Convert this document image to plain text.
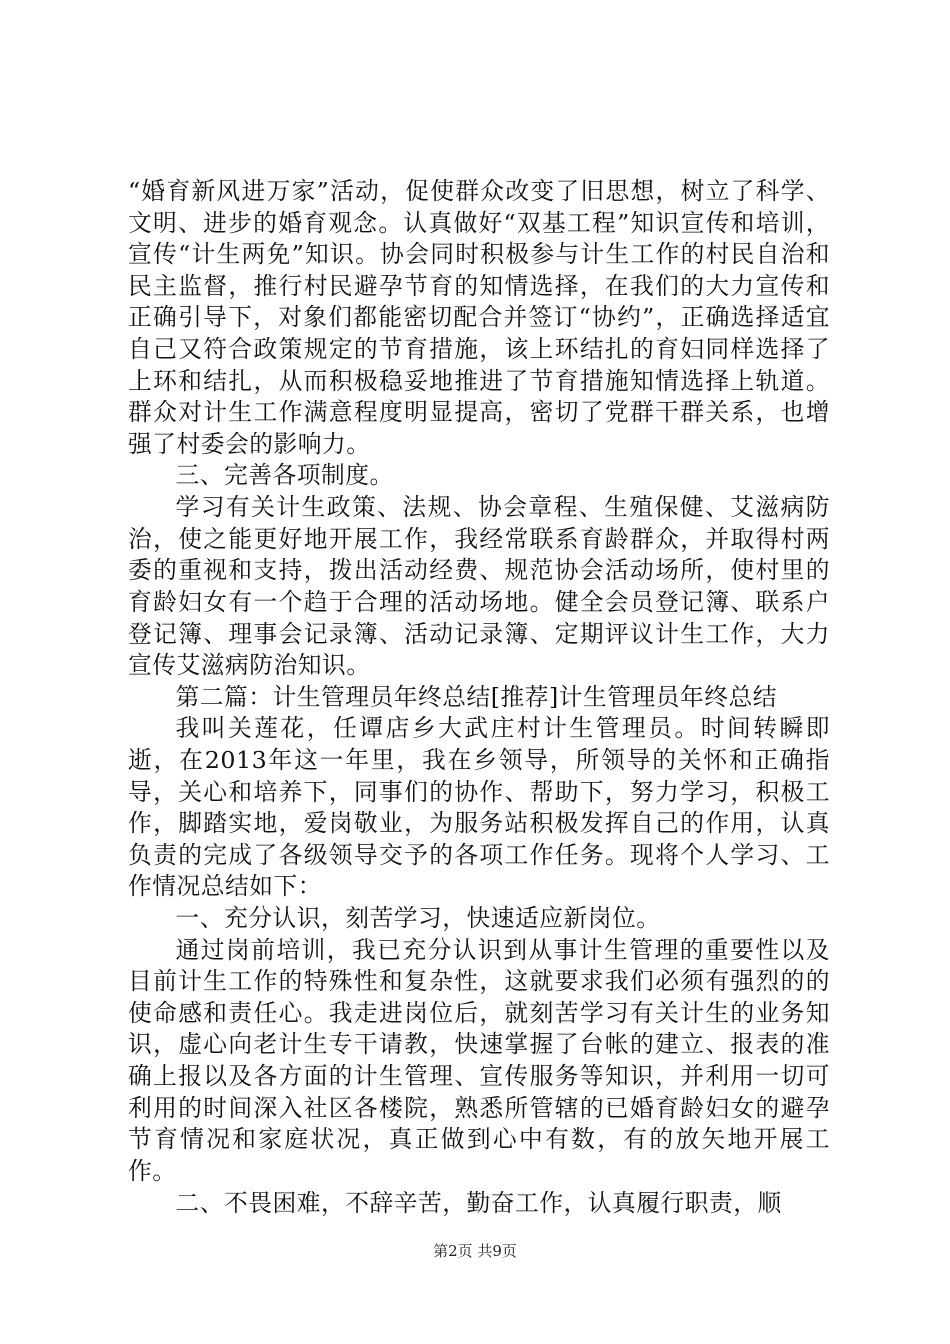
“婚育新风进万家”活动，促使群众改变了旧思想，树立了科学、文明、进步的婚育观念。认真做好“双基工程”知识宣传和培训，宣传“计生两免”知识。协会同时积极参与计生工作的村民自治和民主监督，推行村民避孕节育的知情选择，在我们的大力宣传和正确引导下，对象们都能密切配合并签订“协约”，正确选择适宜自己又符合政策规定的节育措施，该上环结扎的育妇同样选择了上环和结扎，从而积极稳妥地推进了节育措施知情选择上轨道。群众对计生工作满意程度明显提高，密切了党群干群关系，也增强了村委会的影响力。

三、完善各项制度。

学习有关计生政策、法规、协会章程、生殖保健、艾滋病防治，使之能更好地开展工作，我经常联系育龄群众，并取得村两委的重视和支持，拨出活动经费、规范协会活动场所，使村里的育龄妇女有一个趋于合理的活动场地。健全会员登记簿、联系户登记簿、理事会记录簿、活动记录簿、定期评议计生工作，大力宣传艾滋病防治知识。

第二篇：计生管理员年终总结[推荐]计生管理员年终总结

我叫关莲花，任谭店乡大武庄村计生管理员。时间转瞬即逝，在2013年这一年里，我在乡领导，所领导的关怀和正确指导，关心和培养下，同事们的协作、帮助下，努力学习，积极工作，脚踏实地，爱岗敬业，为服务站积极发挥自己的作用，认真负责的完成了各级领导交予的各项工作任务。现将个人学习、工作情况总结如下：

一、充分认识，刻苦学习，快速适应新岗位。

通过岗前培训，我已充分认识到从事计生管理的重要性以及目前计生工作的特殊性和复杂性，这就要求我们必须有强烈的的使命感和责任心。我走进岗位后，就刻苦学习有关计生的业务知识，虚心向老计生专干请教，快速掌握了台帐的建立、报表的准确上报以及各方面的计生管理、宣传服务等知识，并利用一切可利用的时间深入社区各楼院，熟悉所管辖的已婚育龄妇女的避孕节育情况和家庭状况，真正做到心中有数，有的放矢地开展工作。

二、不畏困难，不辞辛苦，勤奋工作，认真履行职责，顺

第2页 共9页
